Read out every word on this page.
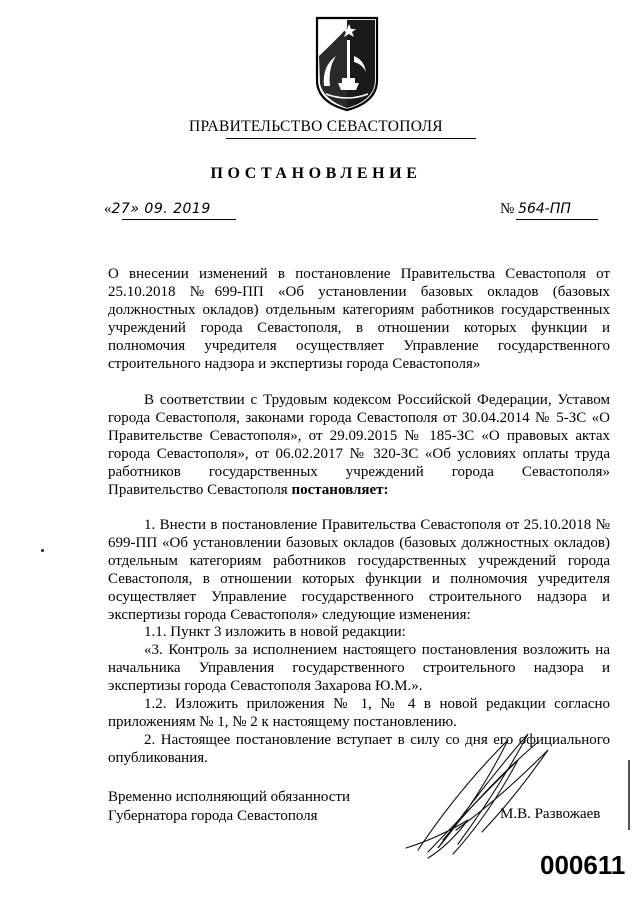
ПРАВИТЕЛЬСТВО СЕВАСТОПОЛЯ
ПОСТАНОВЛЕНИЕ
«27» 09. 2019	№ 564-ПП

О внесении изменений в постановление Правительства Севастополя от 25.10.2018 №699-ПП «Об установлении базовых окладов (базовых должностных окладов) отдельным категориям работников государственных учреждений города Севастополя, в отношении которых функции и полномочия учредителя осуществляет Управление государственного строительного надзора и экспертизы города Севастополя»

В соответствии с Трудовым кодексом Российской Федерации, Уставом города Севастополя, законами города Севастополя от 30.04.2014 № 5-ЗС «О Правительстве Севастополя», от 29.09.2015 № 185-ЗС «О правовых актах города Севастополя», от 06.02.2017 № 320-ЗС «Об условиях оплаты труда работников государственных учреждений города Севастополя» Правительство Севастополя постановляет:

1. Внести в постановление Правительства Севастополя от 25.10.2018 № 699-ПП «Об установлении базовых окладов (базовых должностных окладов) отдельным категориям работников государственных учреждений города Севастополя, в отношении которых функции и полномочия учредителя осуществляет Управление государственного строительного надзора и экспертизы города Севастополя» следующие изменения:

1.1. Пункт 3 изложить в новой редакции:

«3. Контроль за исполнением настоящего постановления возложить на начальника Управления государственного строительного надзора и экспертизы города Севастополя Захарова Ю.М.».

1.2. Изложить приложения № 1, № 4 в новой редакции согласно приложениям № 1, № 2 к настоящему постановлению.

2. Настоящее постановление вступает в силу со дня его официального опубликования.

Временно исполняющий обязанности
Губернатора города Севастополя	М.В. Развожаев
000611
